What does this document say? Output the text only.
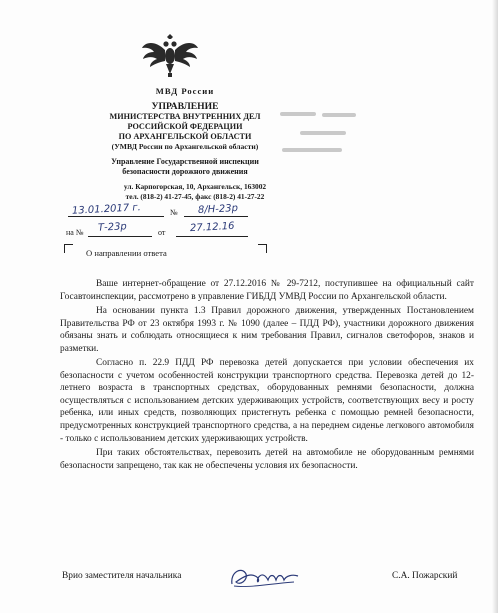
МВД России
УПРАВЛЕНИЕ
МИНИСТЕРСТВА ВНУТРЕННИХ ДЕЛ
РОССИЙСКОЙ ФЕДЕРАЦИИ
ПО АРХАНГЕЛЬСКОЙ ОБЛАСТИ
(УМВД России по Архангельской области)
Управление Государственной инспекции
безопасности дорожного движения
ул. Карпогорская, 10, Архангельск, 163002
тел. (818-2) 41-27-45, факс (818-2) 41-27-22
13.01.2017 г.	№ 8/Н-23р
на № Т-23р	от 27.12.16
О направлении ответа

Ваше интернет-обращение от 27.12.2016 № 29-7212, поступившее на официальный сайт Госавтоинспекции, рассмотрено в управление ГИБДД УМВД России по Архангельской области.

На основании пункта 1.3 Правил дорожного движения, утвержденных Постановлением Правительства РФ от 23 октября 1993 г. № 1090 (далее – ПДД РФ), участники дорожного движения обязаны знать и соблюдать относящиеся к ним требования Правил, сигналов светофоров, знаков и разметки.

Согласно п. 22.9 ПДД РФ перевозка детей допускается при условии обеспечения их безопасности с учетом особенностей конструкции транспортного средства. Перевозка детей до 12-летнего возраста в транспортных средствах, оборудованных ремнями безопасности, должна осуществляться с использованием детских удерживающих устройств, соответствующих весу и росту ребенка, или иных средств, позволяющих пристегнуть ребенка с помощью ремней безопасности, предусмотренных конструкцией транспортного средства, а на переднем сиденье легкового автомобиля - только с использованием детских удерживающих устройств.

При таких обстоятельствах, перевозить детей на автомобиле не оборудованным ремнями безопасности запрещено, так как не обеспечены условия их безопасности.

Врио заместителя начальника	С.А. Пожарский
